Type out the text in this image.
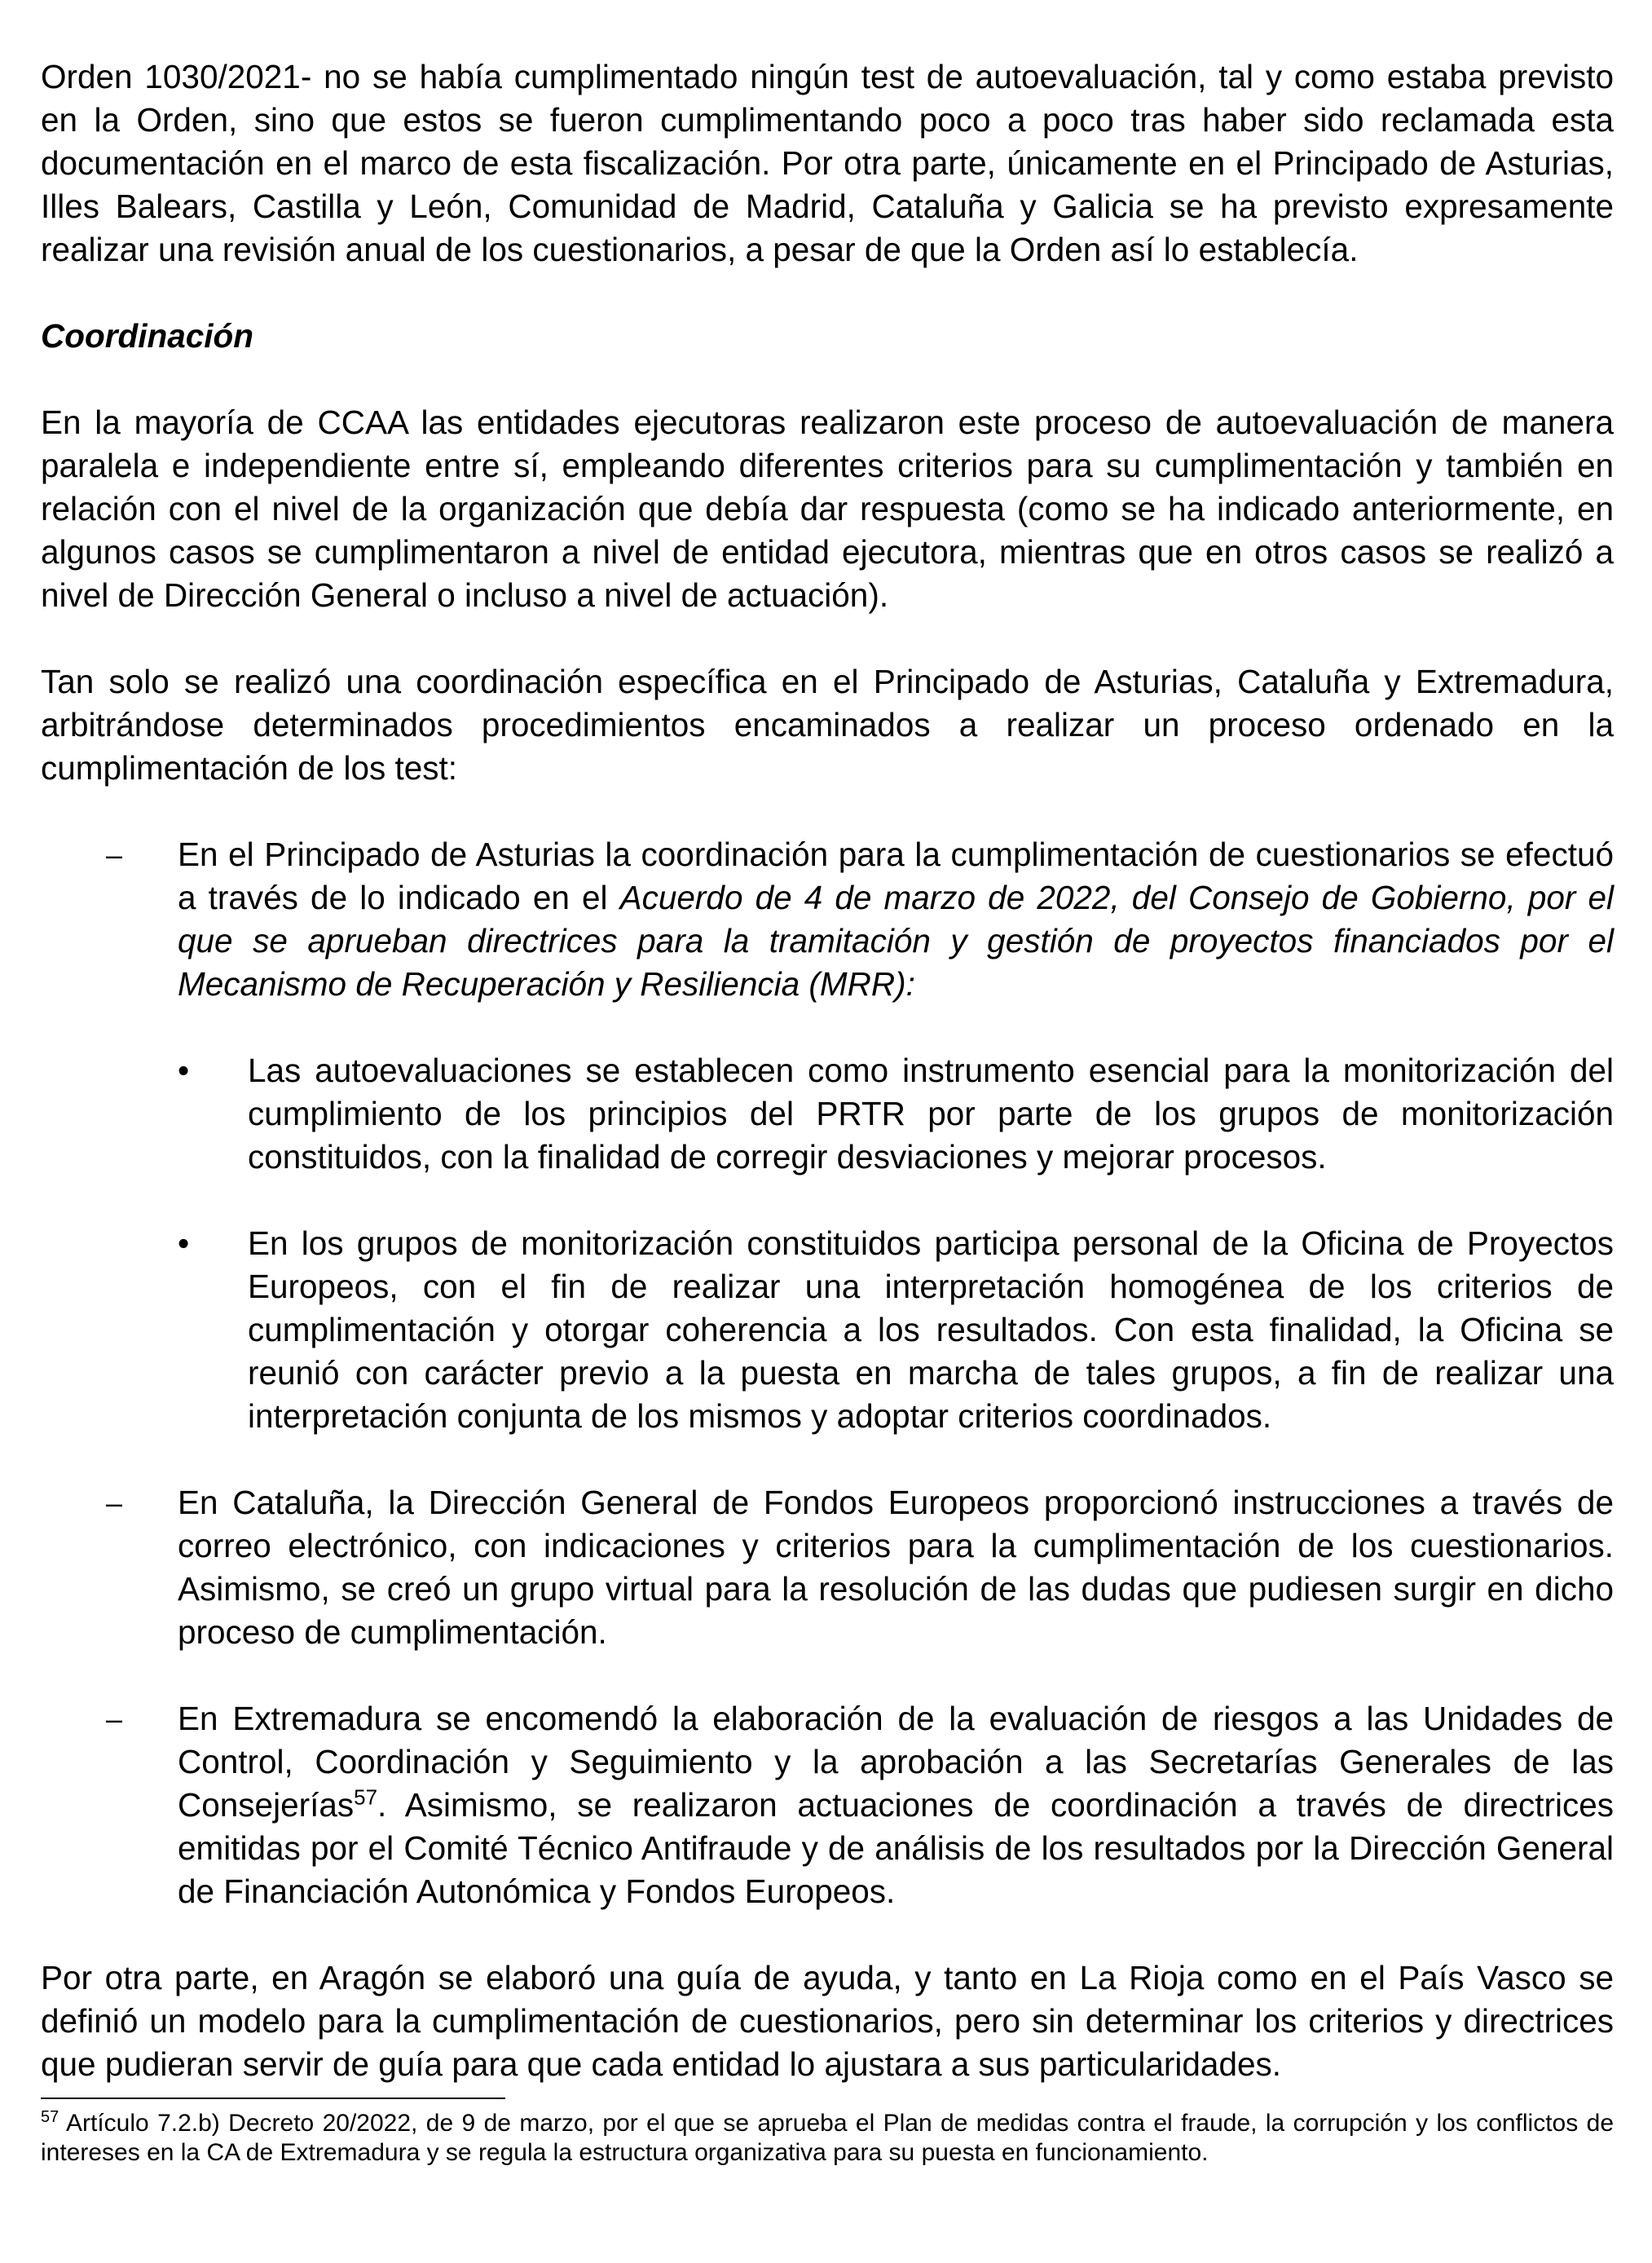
Orden 1030/2021- no se había cumplimentado ningún test de autoevaluación, tal y como estaba previsto en la Orden, sino que estos se fueron cumplimentando poco a poco tras haber sido reclamada esta documentación en el marco de esta fiscalización. Por otra parte, únicamente en el Principado de Asturias, Illes Balears, Castilla y León, Comunidad de Madrid, Cataluña y Galicia se ha previsto expresamente realizar una revisión anual de los cuestionarios, a pesar de que la Orden así lo establecía.

Coordinación

En la mayoría de CCAA las entidades ejecutoras realizaron este proceso de autoevaluación de manera paralela e independiente entre sí, empleando diferentes criterios para su cumplimentación y también en relación con el nivel de la organización que debía dar respuesta (como se ha indicado anteriormente, en algunos casos se cumplimentaron a nivel de entidad ejecutora, mientras que en otros casos se realizó a nivel de Dirección General o incluso a nivel de actuación).

Tan solo se realizó una coordinación específica en el Principado de Asturias, Cataluña y Extremadura, arbitrándose determinados procedimientos encaminados a realizar un proceso ordenado en la cumplimentación de los test:

– En el Principado de Asturias la coordinación para la cumplimentación de cuestionarios se efectuó a través de lo indicado en el Acuerdo de 4 de marzo de 2022, del Consejo de Gobierno, por el que se aprueban directrices para la tramitación y gestión de proyectos financiados por el Mecanismo de Recuperación y Resiliencia (MRR):
• Las autoevaluaciones se establecen como instrumento esencial para la monitorización del cumplimiento de los principios del PRTR por parte de los grupos de monitorización constituidos, con la finalidad de corregir desviaciones y mejorar procesos.
• En los grupos de monitorización constituidos participa personal de la Oficina de Proyectos Europeos, con el fin de realizar una interpretación homogénea de los criterios de cumplimentación y otorgar coherencia a los resultados. Con esta finalidad, la Oficina se reunió con carácter previo a la puesta en marcha de tales grupos, a fin de realizar una interpretación conjunta de los mismos y adoptar criterios coordinados.
– En Cataluña, la Dirección General de Fondos Europeos proporcionó instrucciones a través de correo electrónico, con indicaciones y criterios para la cumplimentación de los cuestionarios. Asimismo, se creó un grupo virtual para la resolución de las dudas que pudiesen surgir en dicho proceso de cumplimentación.
– En Extremadura se encomendó la elaboración de la evaluación de riesgos a las Unidades de Control, Coordinación y Seguimiento y la aprobación a las Secretarías Generales de las Consejerías$^{57}$. Asimismo, se realizaron actuaciones de coordinación a través de directrices emitidas por el Comité Técnico Antifraude y de análisis de los resultados por la Dirección General de Financiación Autonómica y Fondos Europeos.

Por otra parte, en Aragón se elaboró una guía de ayuda, y tanto en La Rioja como en el País Vasco se definió un modelo para la cumplimentación de cuestionarios, pero sin determinar los criterios y directrices que pudieran servir de guía para que cada entidad lo ajustara a sus particularidades.

$^{57}$ Artículo 7.2.b) Decreto 20/2022, de 9 de marzo, por el que se aprueba el Plan de medidas contra el fraude, la corrupción y los conflictos de intereses en la CA de Extremadura y se regula la estructura organizativa para su puesta en funcionamiento.
